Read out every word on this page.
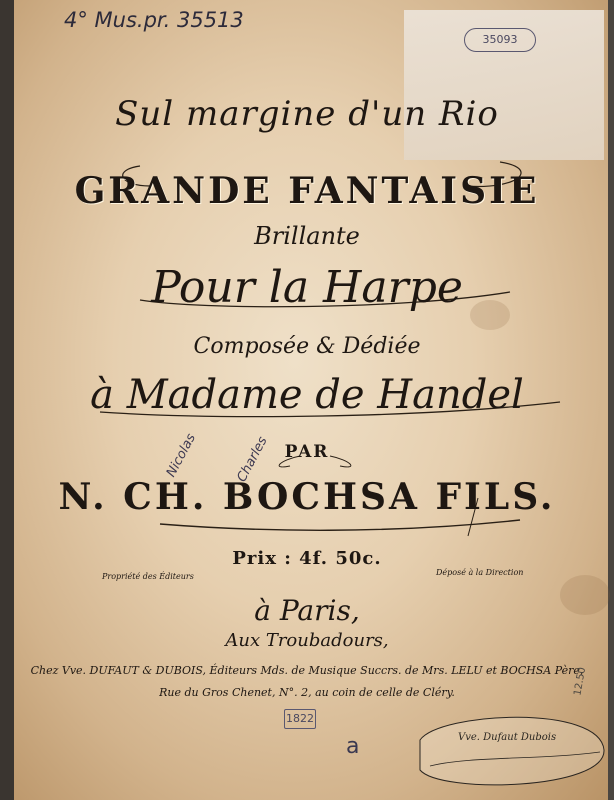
4° Mus.pr. 35513
35093
Sul margine d'un Rio
GRANDE FANTAISIE
Brillante
Pour la Harpe
Composée & Dédiée
à Madame de Handel
PAR
Nicolas	Charles
N. CH. BOCHSA FILS.
Prix : 4f. 50c.
Propriété des Éditeurs	Déposé à la Direction
à Paris,
Aux Troubadours,
Chez Vve. DUFAUT & DUBOIS, Éditeurs Mds. de Musique Succrs. de Mrs. LELU et BOCHSA Père,
Rue du Gros Chenet, N°. 2, au coin de celle de Cléry.
1822
a
12.50
Vve. Dufaut Dubois
